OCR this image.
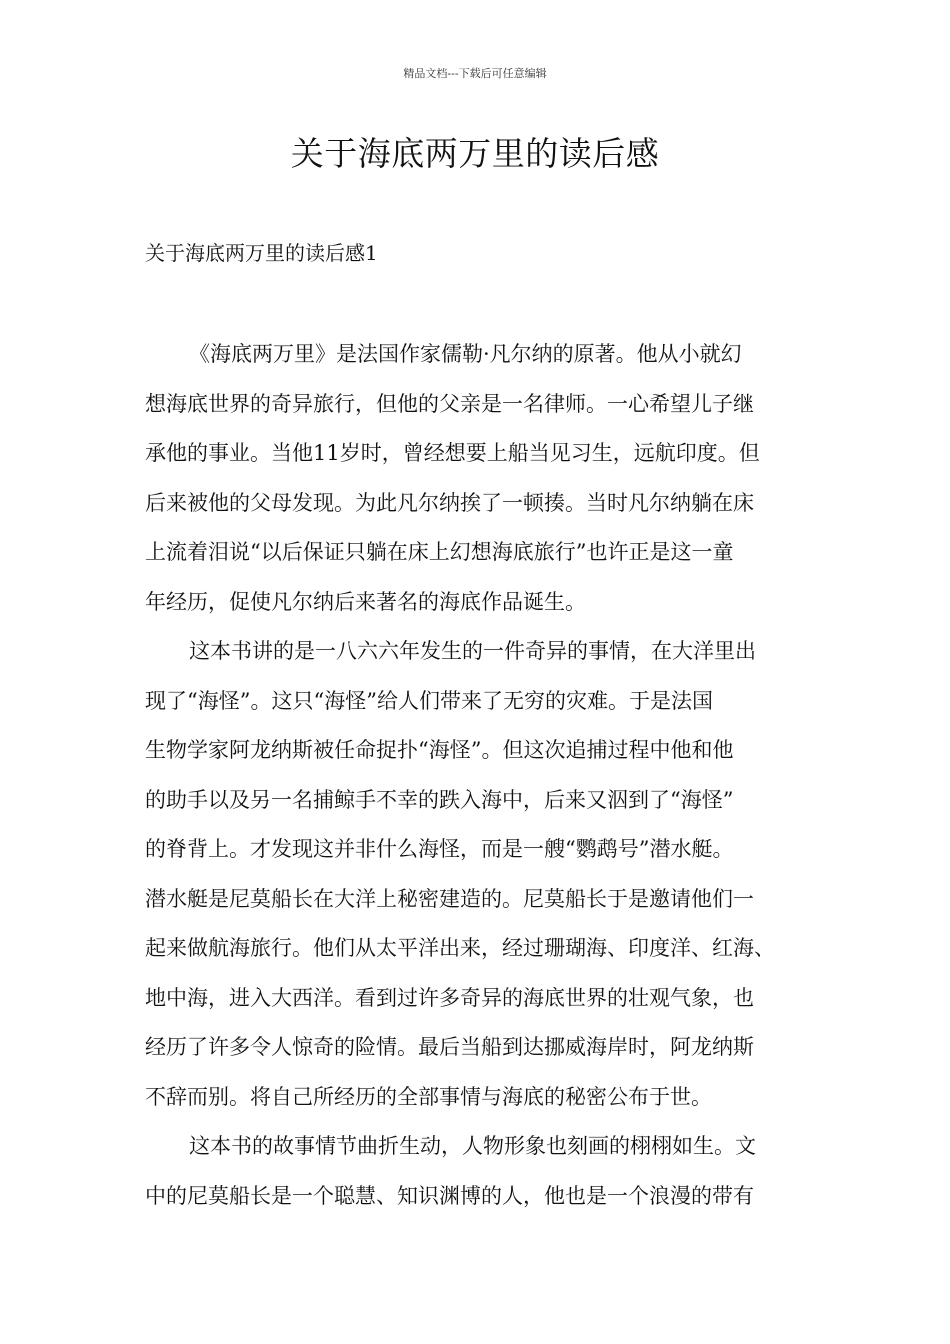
精品文档---下载后可任意编辑
关于海底两万里的读后感
关于海底两万里的读后感1
《海底两万里》是法国作家儒勒·凡尔纳的原著。他从小就幻
想海底世界的奇异旅行，但他的父亲是一名律师。一心希望儿子继
承他的事业。当他11岁时，曾经想要上船当见习生，远航印度。但
后来被他的父母发现。为此凡尔纳挨了一顿揍。当时凡尔纳躺在床
上流着泪说“以后保证只躺在床上幻想海底旅行”也许正是这一童
年经历，促使凡尔纳后来著名的海底作品诞生。
这本书讲的是一八六六年发生的一件奇异的事情，在大洋里出
现了“海怪”。这只“海怪”给人们带来了无穷的灾难。于是法国
生物学家阿龙纳斯被任命捉扑“海怪”。但这次追捕过程中他和他
的助手以及另一名捕鲸手不幸的跌入海中，后来又泅到了“海怪”
的脊背上。才发现这并非什么海怪，而是一艘“鹦鹉号”潜水艇。
潜水艇是尼莫船长在大洋上秘密建造的。尼莫船长于是邀请他们一
起来做航海旅行。他们从太平洋出来，经过珊瑚海、印度洋、红海、
地中海，进入大西洋。看到过许多奇异的海底世界的壮观气象，也
经历了许多令人惊奇的险情。最后当船到达挪威海岸时，阿龙纳斯
不辞而别。将自己所经历的全部事情与海底的秘密公布于世。
这本书的故事情节曲折生动，人物形象也刻画的栩栩如生。文
中的尼莫船长是一个聪慧、知识渊博的人，他也是一个浪漫的带有
